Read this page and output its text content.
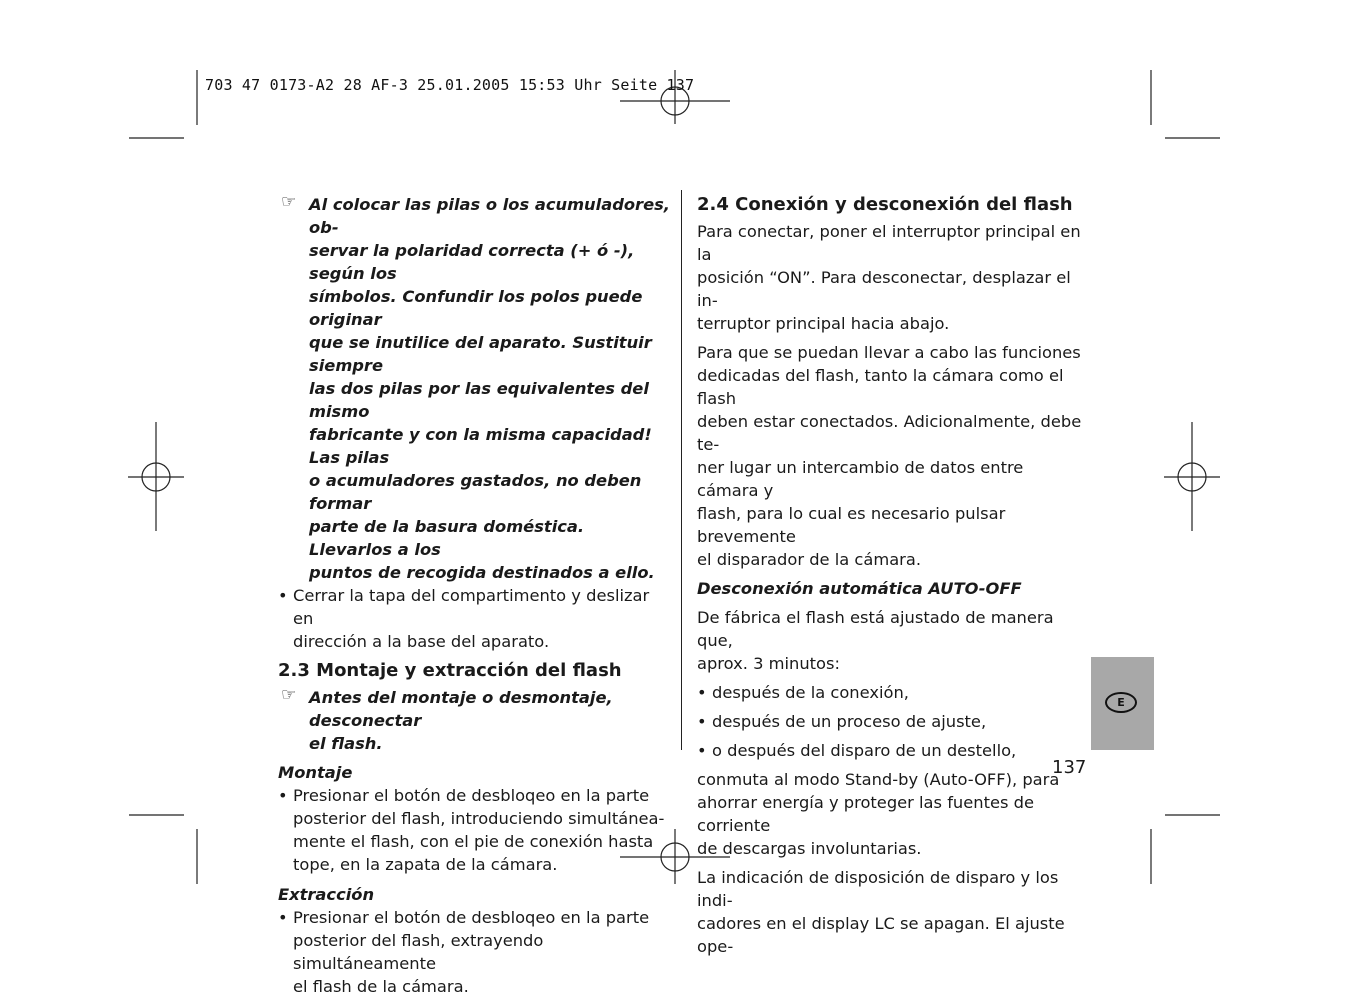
703 47 0173-A2 28 AF-3 25.01.2005 15:53 Uhr Seite 137
☞ Al colocar las pilas o los acumuladores, ob-
servar la polaridad correcta (+ ó -), según los
símbolos. Confundir los polos puede originar
que se inutilice del aparato. Sustituir siempre
las dos pilas por las equivalentes del mismo
fabricante y con la misma capacidad! Las pilas
o acumuladores gastados, no deben formar
parte de la basura doméstica. Llevarlos a los
puntos de recogida destinados a ello.
• Cerrar la tapa del compartimento y deslizar en
dirección a la base del aparato.

2.3 Montaje y extracción del flash

☞ Antes del montaje o desmontaje, desconectar
el flash.

Montaje

• Presionar el botón de desbloqeo en la parte
posterior del flash, introduciendo simultánea-
mente el flash, con el pie de conexión hasta
tope, en la zapata de la cámara.

Extracción

• Presionar el botón de desbloqeo en la parte
posterior del flash, extrayendo simultáneamente
el flash de la cámara.

2.4 Conexión y desconexión del flash

Para conectar, poner el interruptor principal en la
posición “ON”. Para desconectar, desplazar el in-
terruptor principal hacia abajo.
Para que se puedan llevar a cabo las funciones
dedicadas del flash, tanto la cámara como el flash
deben estar conectados. Adicionalmente, debe te-
ner lugar un intercambio de datos entre cámara y
flash, para lo cual es necesario pulsar brevemente
el disparador de la cámara.

Desconexión automática AUTO-OFF

De fábrica el flash está ajustado de manera que,
aprox. 3 minutos:
• después de la conexión,
• después de un proceso de ajuste,
• o después del disparo de un destello,
conmuta al modo Stand-by (Auto-OFF), para
ahorrar energía y proteger las fuentes de corriente
de descargas involuntarias.
La indicación de disposición de disparo y los indi-
cadores en el display LC se apagan. El ajuste ope-
E
137
